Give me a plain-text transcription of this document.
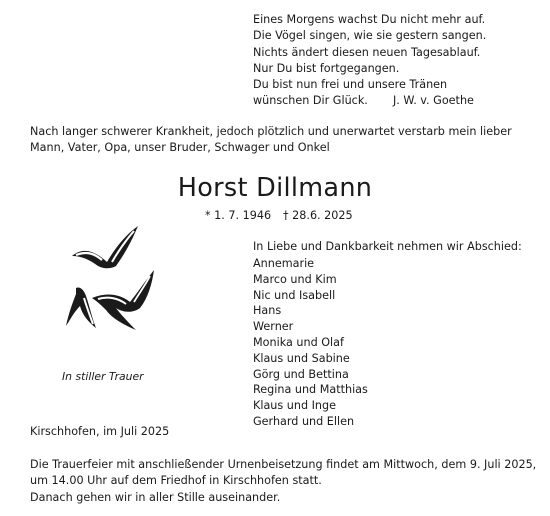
Eines Morgens wachst Du nicht mehr auf.
Die Vögel singen, wie sie gestern sangen.
Nichts ändert diesen neuen Tagesablauf.
Nur Du bist fortgegangen.
Du bist nun frei und unsere Tränen
wünschen Dir Glück. J. W. v. Goethe
Nach langer schwerer Krankheit, jedoch plötzlich und unerwartet verstarb mein lieber Mann, Vater, Opa, unser Bruder, Schwager und Onkel
Horst Dillmann
* 1. 7. 1946 † 28.6. 2025
In stiller Trauer
In Liebe und Dankbarkeit nehmen wir Abschied:
Annemarie
Marco und Kim
Nic und Isabell
Hans
Werner
Monika und Olaf
Klaus und Sabine
Görg und Bettina
Regina und Matthias
Klaus und Inge
Gerhard und Ellen
Kirschhofen, im Juli 2025
Die Trauerfeier mit anschließender Urnenbeisetzung findet am Mittwoch, dem 9. Juli 2025,
um 14.00 Uhr auf dem Friedhof in Kirschhofen statt.
Danach gehen wir in aller Stille auseinander.
